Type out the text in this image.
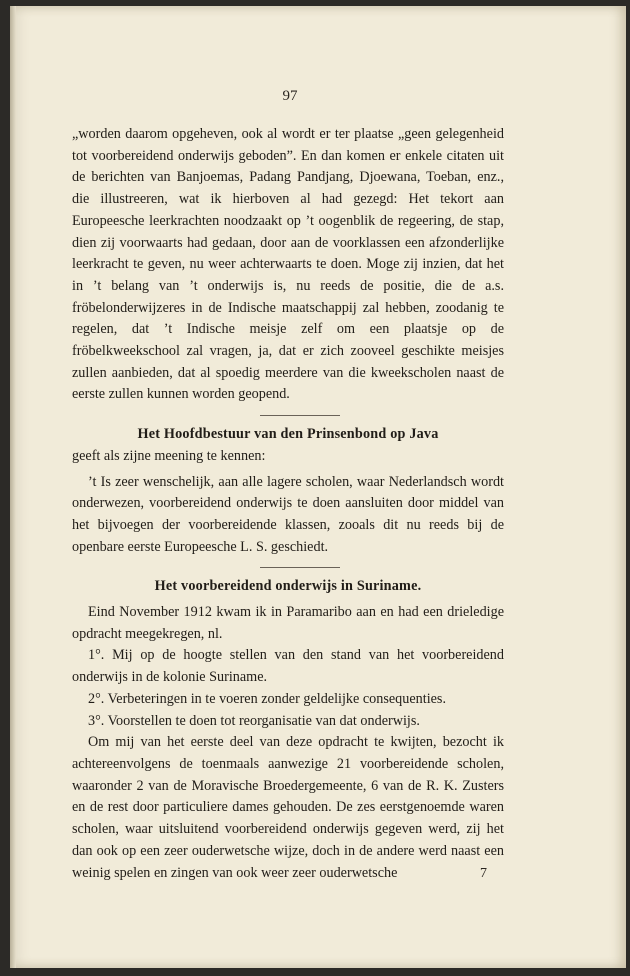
97

„worden daarom opgeheven, ook al wordt er ter plaatse „geen gelegenheid tot voorbereidend onderwijs geboden”. En dan komen er enkele citaten uit de berichten van Banjoemas, Padang Pandjang, Djoewana, Toeban, enz., die illustreeren, wat ik hierboven al had gezegd: Het tekort aan Europeesche leerkrachten noodzaakt op ’t oogenblik de regeering, de stap, dien zij voorwaarts had gedaan, door aan de voorklassen een afzonderlijke leerkracht te geven, nu weer achterwaarts te doen. Moge zij inzien, dat het in ’t belang van ’t onderwijs is, nu reeds de positie, die de a.s. fröbelonderwijzeres in de Indische maatschappij zal hebben, zoodanig te regelen, dat ’t Indische meisje zelf om een plaatsje op de fröbelkweekschool zal vragen, ja, dat er zich zooveel geschikte meisjes zullen aanbieden, dat al spoedig meerdere van die kweekscholen naast de eerste zullen kunnen worden geopend.

Het Hoofdbestuur van den Prinsenbond op Java

geeft als zijne meening te kennen:

’t Is zeer wenschelijk, aan alle lagere scholen, waar Nederlandsch wordt onderwezen, voorbereidend onderwijs te doen aansluiten door middel van het bijvoegen der voorbereidende klassen, zooals dit nu reeds bij de openbare eerste Europeesche L. S. geschiedt.

Het voorbereidend onderwijs in Suriname.

Eind November 1912 kwam ik in Paramaribo aan en had een drieledige opdracht meegekregen, nl.

1°. Mij op de hoogte stellen van den stand van het voorbereidend onderwijs in de kolonie Suriname.

2°. Verbeteringen in te voeren zonder geldelijke consequenties.

3°. Voorstellen te doen tot reorganisatie van dat onderwijs.

Om mij van het eerste deel van deze opdracht te kwijten, bezocht ik achtereenvolgens de toenmaals aanwezige 21 voorbereidende scholen, waaronder 2 van de Moravische Broedergemeente, 6 van de R. K. Zusters en de rest door particuliere dames gehouden. De zes eerstgenoemde waren scholen, waar uitsluitend voorbereidend onderwijs gegeven werd, zij het dan ook op een zeer ouderwetsche wijze, doch in de andere werd naast een weinig spelen en zingen van ook weer zeer ouderwetsche	7
